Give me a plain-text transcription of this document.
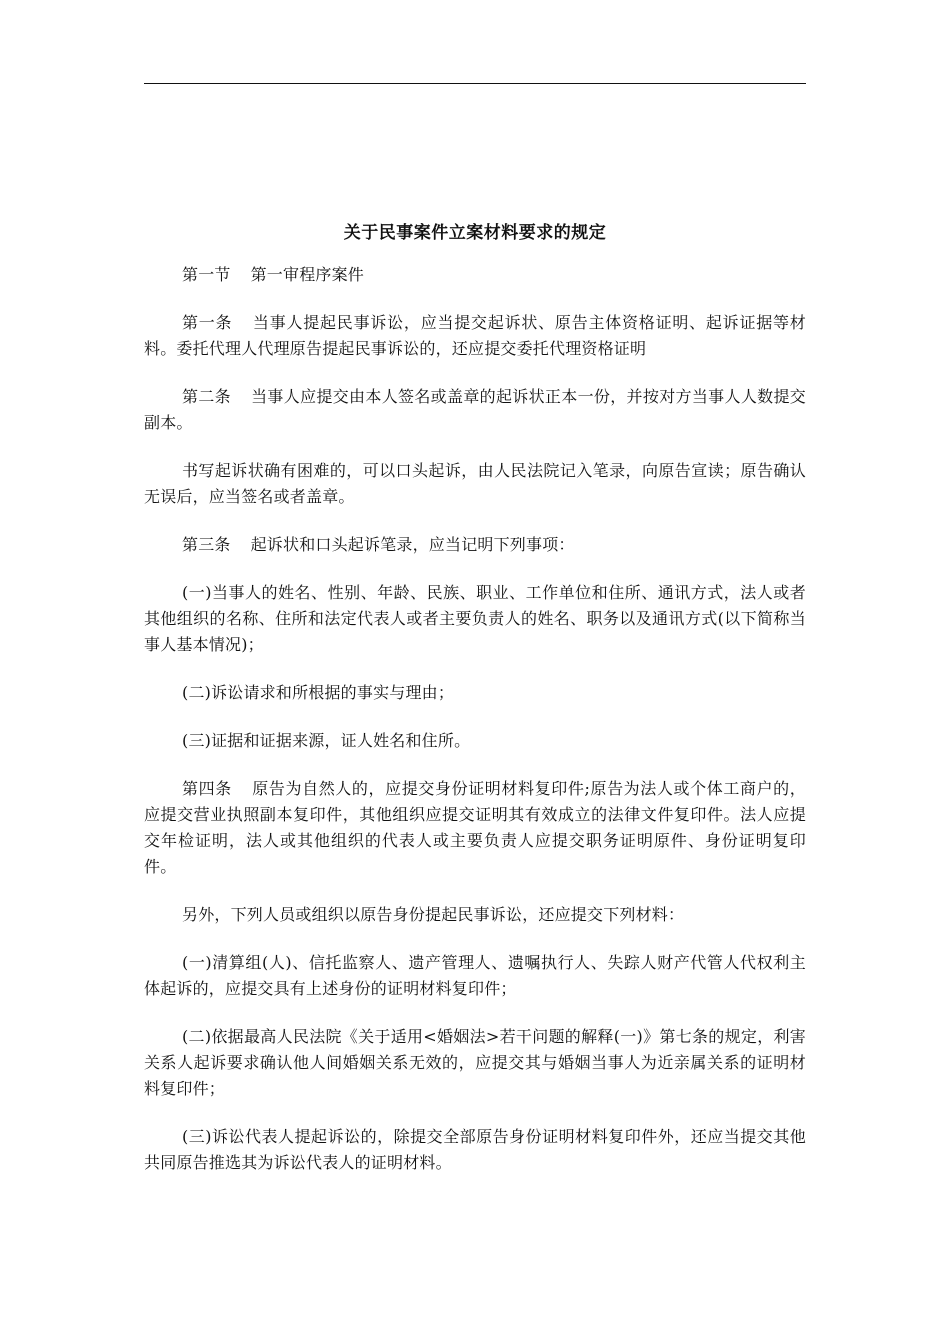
关于民事案件立案材料要求的规定

第一节 第一审程序案件

第一条 当事人提起民事诉讼，应当提交起诉状、原告主体资格证明、起诉证据等材料。委托代理人代理原告提起民事诉讼的，还应提交委托代理资格证明

第二条 当事人应提交由本人签名或盖章的起诉状正本一份，并按对方当事人人数提交副本。

书写起诉状确有困难的，可以口头起诉，由人民法院记入笔录，向原告宣读；原告确认无误后，应当签名或者盖章。

第三条 起诉状和口头起诉笔录，应当记明下列事项：

(一)当事人的姓名、性别、年龄、民族、职业、工作单位和住所、通讯方式，法人或者其他组织的名称、住所和法定代表人或者主要负责人的姓名、职务以及通讯方式(以下简称当事人基本情况)；

(二)诉讼请求和所根据的事实与理由；

(三)证据和证据来源，证人姓名和住所。

第四条 原告为自然人的，应提交身份证明材料复印件;原告为法人或个体工商户的，应提交营业执照副本复印件，其他组织应提交证明其有效成立的法律文件复印件。法人应提交年检证明，法人或其他组织的代表人或主要负责人应提交职务证明原件、身份证明复印件。

另外，下列人员或组织以原告身份提起民事诉讼，还应提交下列材料：

(一)清算组(人)、信托监察人、遗产管理人、遗嘱执行人、失踪人财产代管人代权利主体起诉的，应提交具有上述身份的证明材料复印件；

(二)依据最高人民法院《关于适用<婚姻法>若干问题的解释(一)》第七条的规定，利害关系人起诉要求确认他人间婚姻关系无效的，应提交其与婚姻当事人为近亲属关系的证明材料复印件；

(三)诉讼代表人提起诉讼的，除提交全部原告身份证明材料复印件外，还应当提交其他共同原告推选其为诉讼代表人的证明材料。
